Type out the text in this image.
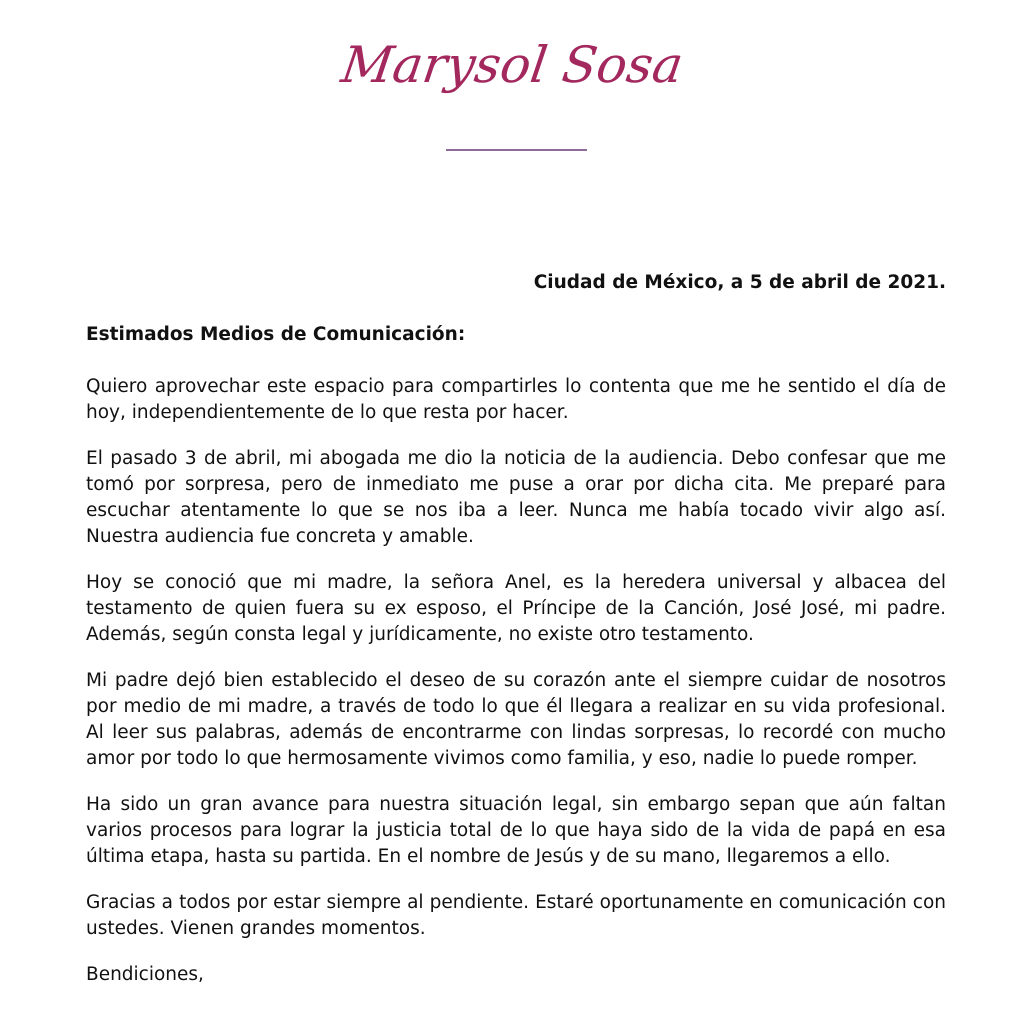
Marysol Sosa

Ciudad de México, a 5 de abril de 2021.

Estimados Medios de Comunicación:

Quiero aprovechar este espacio para compartirles lo contenta que me he sentido el día de hoy, independientemente de lo que resta por hacer.

El pasado 3 de abril, mi abogada me dio la noticia de la audiencia. Debo confesar que me tomó por sorpresa, pero de inmediato me puse a orar por dicha cita. Me preparé para escuchar atentamente lo que se nos iba a leer. Nunca me había tocado vivir algo así. Nuestra audiencia fue concreta y amable.

Hoy se conoció que mi madre, la señora Anel, es la heredera universal y albacea del testamento de quien fuera su ex esposo, el Príncipe de la Canción, José José, mi padre. Además, según consta legal y jurídicamente, no existe otro testamento.

Mi padre dejó bien establecido el deseo de su corazón ante el siempre cuidar de nosotros por medio de mi madre, a través de todo lo que él llegara a realizar en su vida profesional. Al leer sus palabras, además de encontrarme con lindas sorpresas, lo recordé con mucho amor por todo lo que hermosamente vivimos como familia, y eso, nadie lo puede romper.

Ha sido un gran avance para nuestra situación legal, sin embargo sepan que aún faltan varios procesos para lograr la justicia total de lo que haya sido de la vida de papá en esa última etapa, hasta su partida. En el nombre de Jesús y de su mano, llegaremos a ello.

Gracias a todos por estar siempre al pendiente. Estaré oportunamente en comunicación con ustedes. Vienen grandes momentos.

Bendiciones,
